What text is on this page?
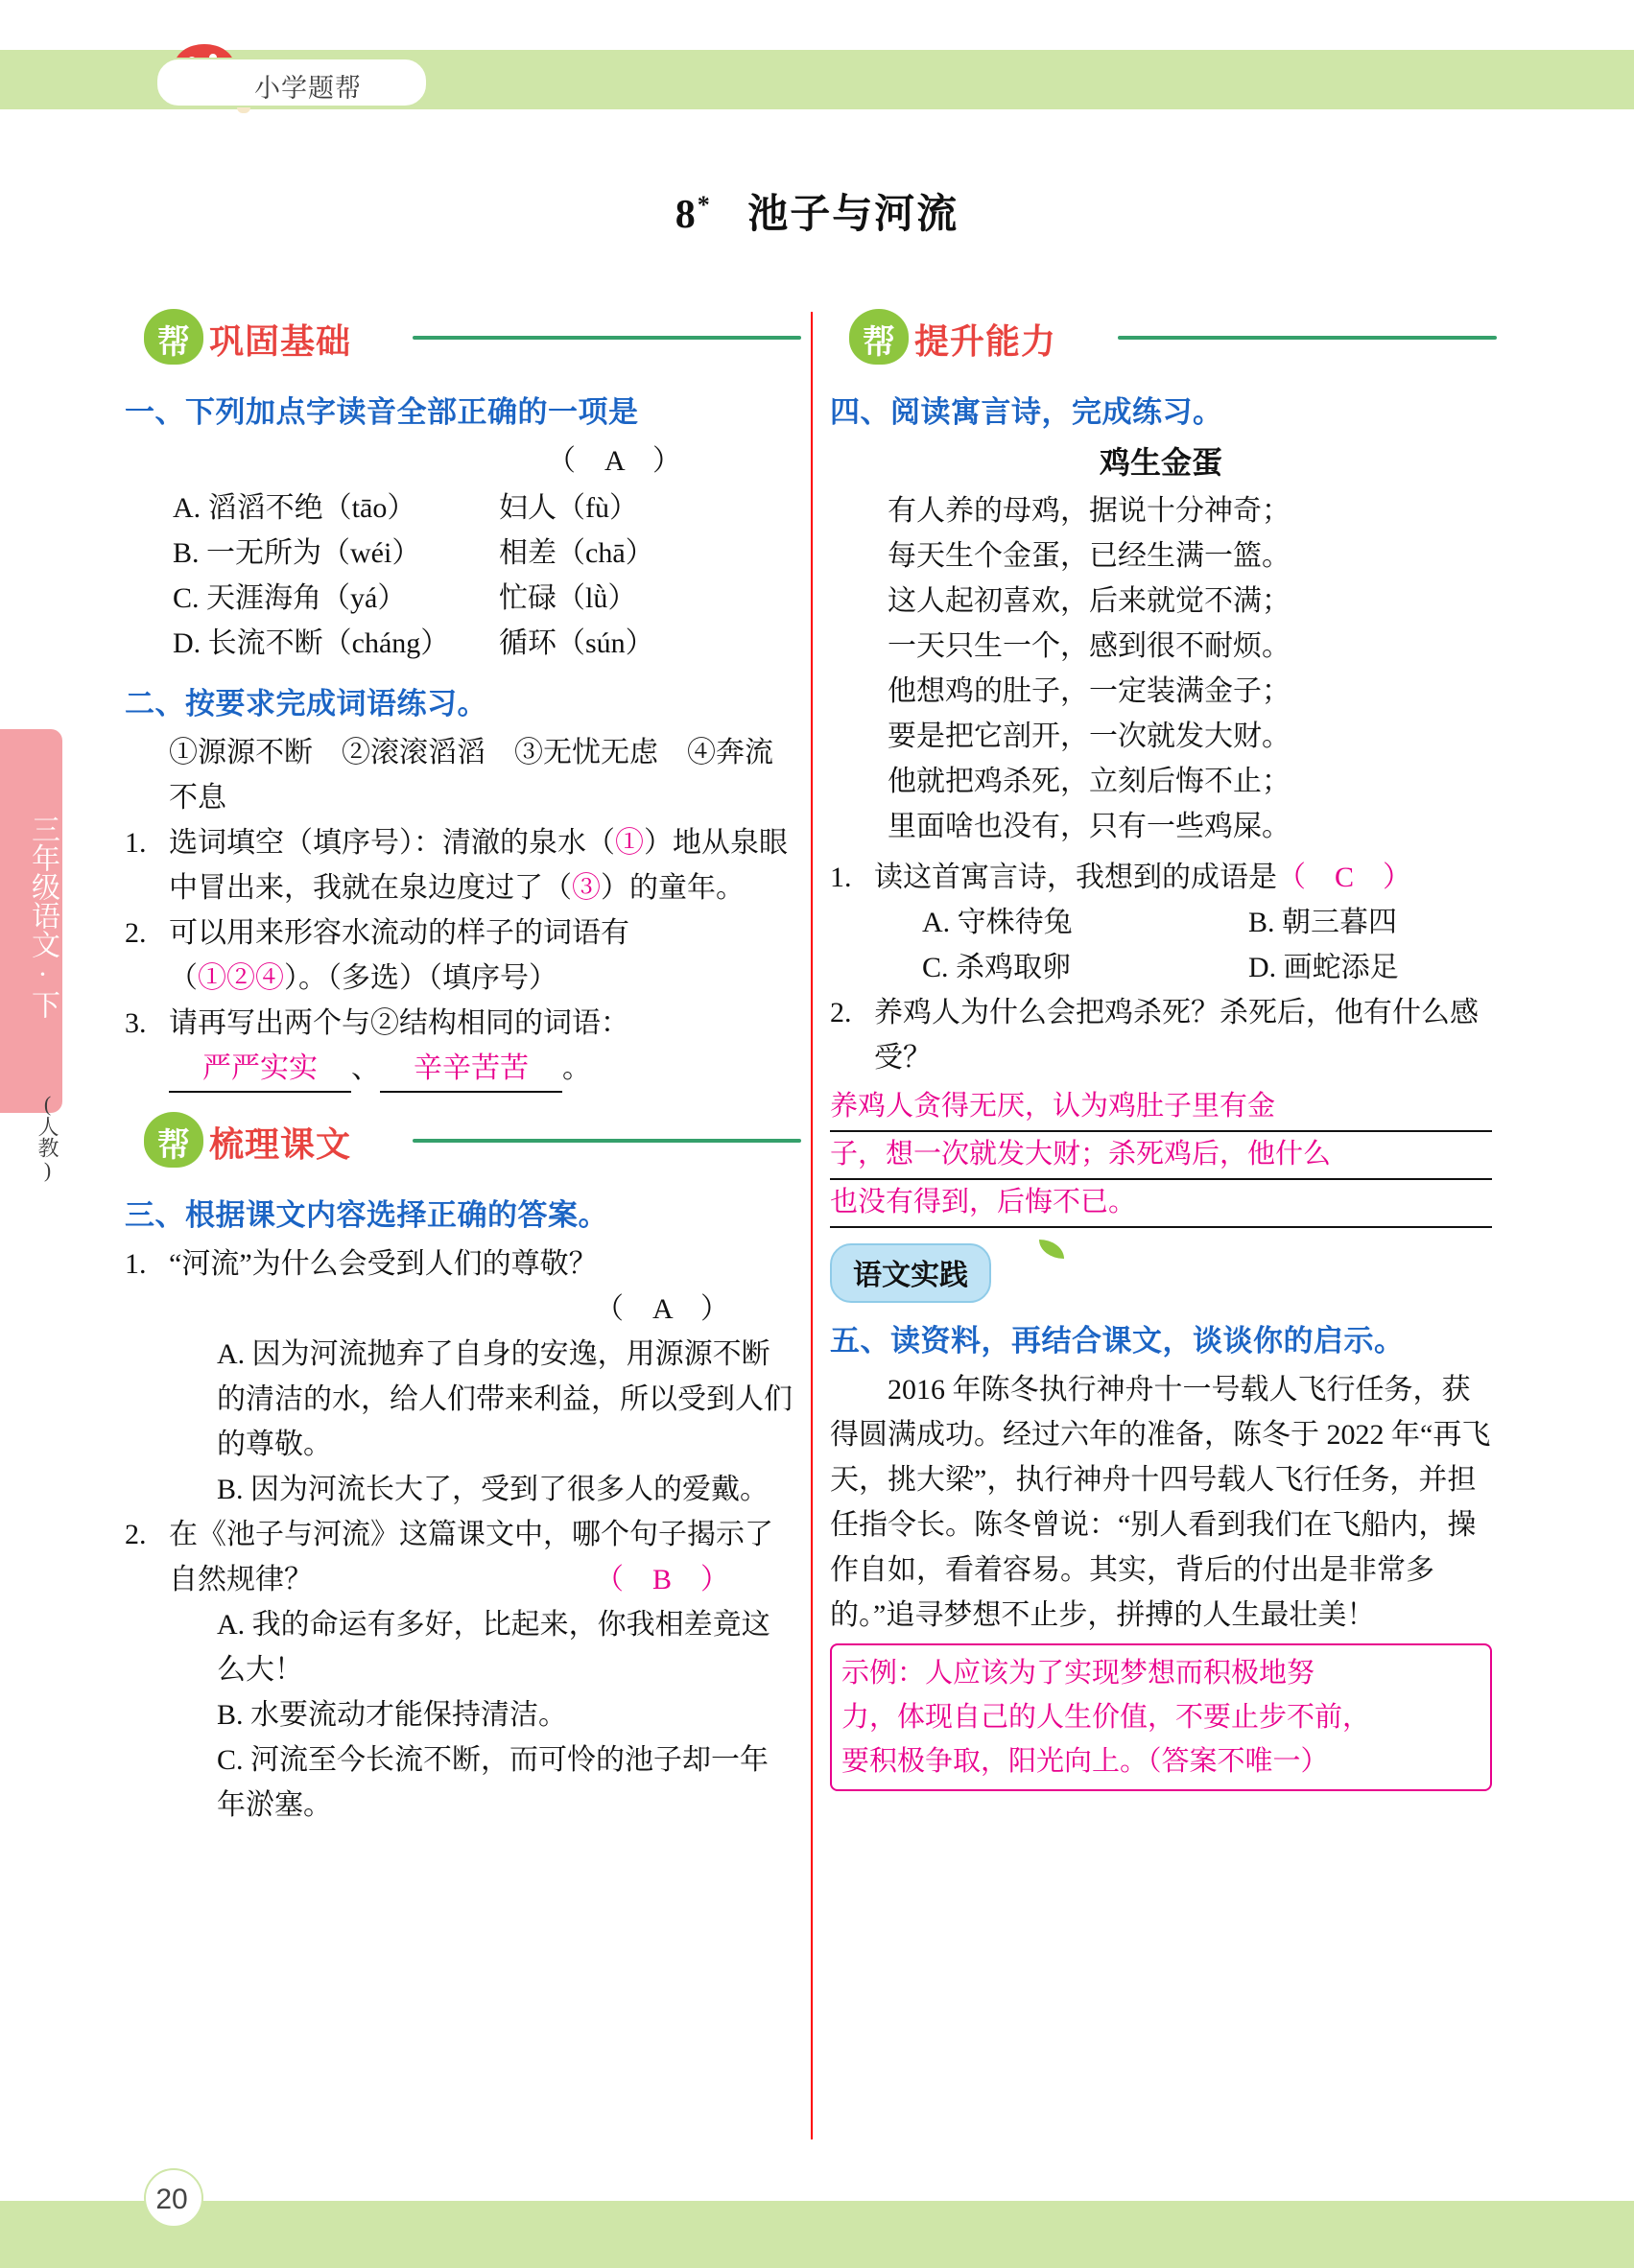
小学题帮
三年级语文·下
(人教)
8* 池子与河流
帮 巩固基础
一、下列加点字读音全部正确的一项是
（　A　）
A. 滔滔不绝（tāo）	妇人（fù）
B. 一无所为（wéi）	相差（chā）
C. 天涯海角（yá）	忙碌（lǜ）
D. 长流不断（cháng）	循环（sún）
二、按要求完成词语练习。
①源源不断　②滚滚滔滔　③无忧无虑　④奔流不息
1. 选词填空（填序号）：清澈的泉水（①）地从泉眼中冒出来，我就在泉边度过了（③）的童年。
2. 可以用来形容水流动的样子的词语有
（①②④）。（多选）（填序号）
3. 请再写出两个与②结构相同的词语：
严严实实 、 辛辛苦苦 。
帮 梳理课文
三、根据课文内容选择正确的答案。
1. “河流”为什么会受到人们的尊敬？
（　A　）
A. 因为河流抛弃了自身的安逸，用源源不断的清洁的水，给人们带来利益，所以受到人们的尊敬。
B. 因为河流长大了，受到了很多人的爱戴。
2. 在《池子与河流》这篇课文中，哪个句子揭示了自然规律？	（　B　）
A. 我的命运有多好，比起来，你我相差竟这么大！
B. 水要流动才能保持清洁。
C. 河流至今长流不断，而可怜的池子却一年年淤塞。
帮 提升能力
四、阅读寓言诗，完成练习。
鸡生金蛋
有人养的母鸡，据说十分神奇；
每天生个金蛋，已经生满一篮。
这人起初喜欢，后来就觉不满；
一天只生一个，感到很不耐烦。
他想鸡的肚子，一定装满金子；
要是把它剖开，一次就发大财。
他就把鸡杀死，立刻后悔不止；
里面啥也没有，只有一些鸡屎。
1. 读这首寓言诗，我想到的成语是（　C　）
A. 守株待兔	B. 朝三暮四
C. 杀鸡取卵	D. 画蛇添足
2. 养鸡人为什么会把鸡杀死？杀死后，他有什么感受？
养鸡人贪得无厌，认为鸡肚子里有金
子，想一次就发大财；杀死鸡后，他什么
也没有得到，后悔不已。
语文实践
五、读资料，再结合课文，谈谈你的启示。
2016 年陈冬执行神舟十一号载人飞行任务，获得圆满成功。经过六年的准备，陈冬于 2022 年“再飞天，挑大梁”，执行神舟十四号载人飞行任务，并担任指令长。陈冬曾说：“别人看到我们在飞船内，操作自如，看着容易。其实，背后的付出是非常多的。”追寻梦想不止步，拼搏的人生最壮美！
示例：人应该为了实现梦想而积极地努
力，体现自己的人生价值，不要止步不前，
要积极争取，阳光向上。（答案不唯一）
20
